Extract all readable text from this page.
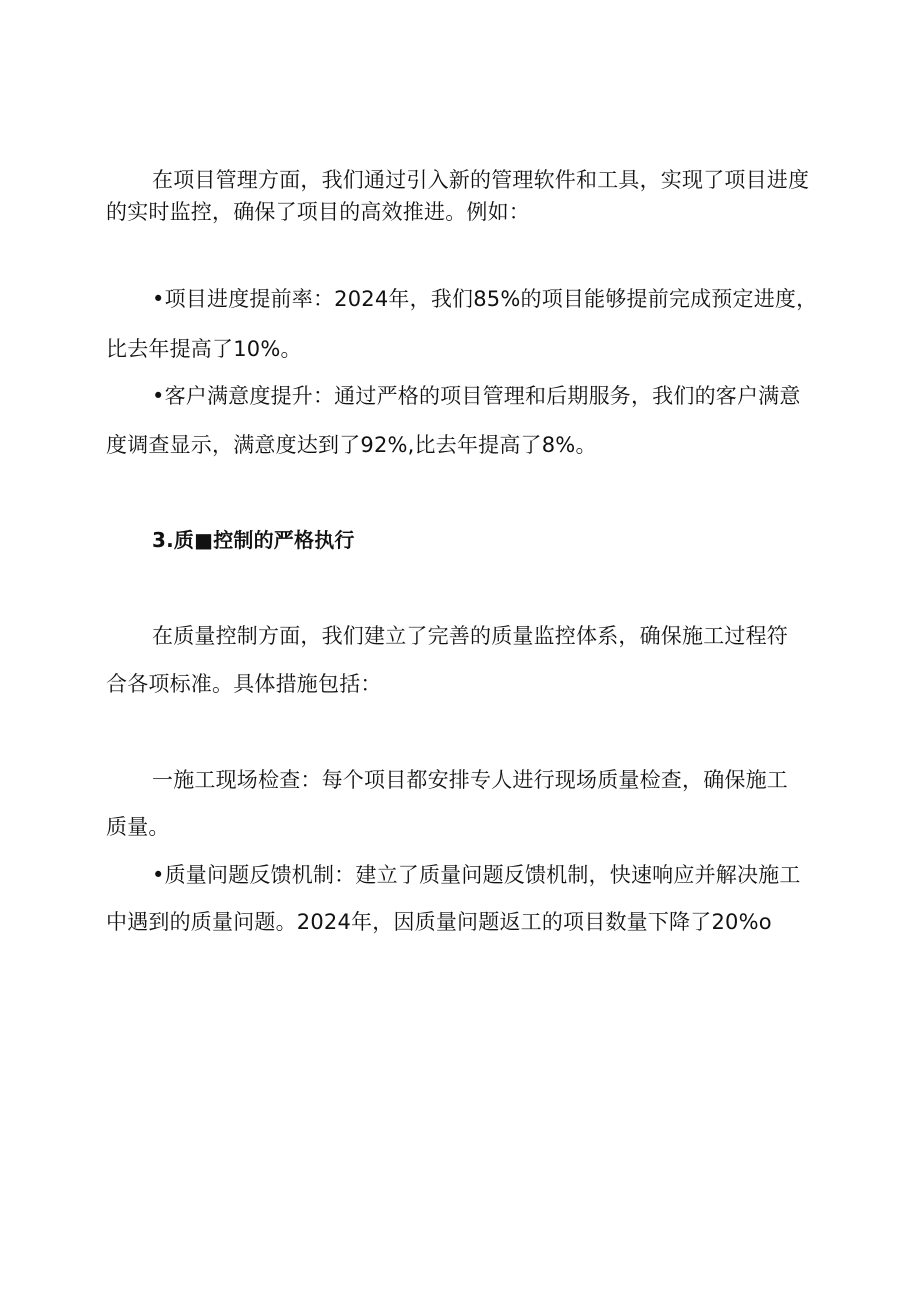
在项目管理方面，我们通过引入新的管理软件和工具，实现了项目进度
的实时监控，确保了项目的高效推进。例如：
•项目进度提前率：2024年，我们85%的项目能够提前完成预定进度，
比去年提高了10%。
•客户满意度提升：通过严格的项目管理和后期服务，我们的客户满意
度调查显示，满意度达到了92%,比去年提高了8%。
3.质■控制的严格执行
在质量控制方面，我们建立了完善的质量监控体系，确保施工过程符
合各项标准。具体措施包括：
一施工现场检查：每个项目都安排专人进行现场质量检查，确保施工
质量。
•质量问题反馈机制：建立了质量问题反馈机制，快速响应并解决施工
中遇到的质量问题。2024年，因质量问题返工的项目数量下降了20%o
